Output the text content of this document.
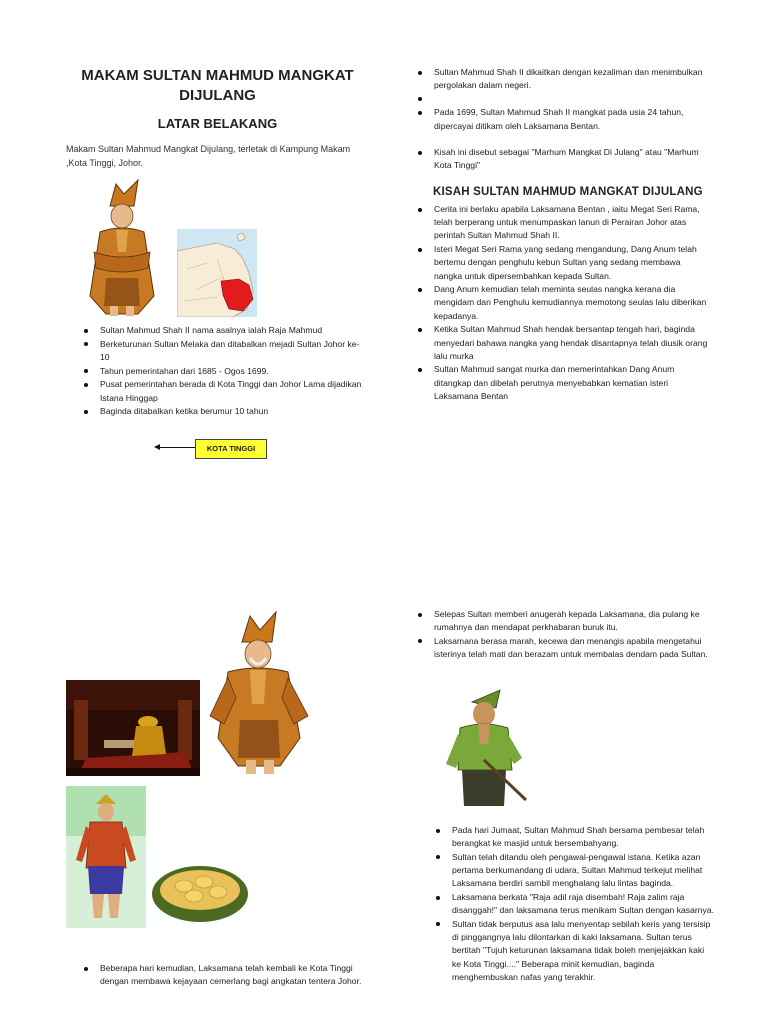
MAKAM SULTAN MAHMUD MANGKAT DIJULANG
LATAR BELAKANG
Makam Sultan Mahmud Mangkat Dijulang, terletak di Kampung Makam ,Kota Tinggi, Johor.
Sultan Mahmud Shah II nama asalnya ialah Raja Mahmud
Berketurunan Sultan Melaka dan ditabalkan mejadi Sultan Johor ke-10
Tahun pemerintahan dari 1685 - Ogos 1699.
Pusat pemerintahan berada di Kota Tinggi dan Johor Lama dijadikan Istana Hinggap
Baginda ditabalkan ketika berumur 10 tahun
KOTA TINGGI
Sultan Mahmud Shah II dikaitkan dengan kezaliman dan menimbulkan pergolakan dalam negeri.
Pada 1699, Sultan Mahmud Shah II mangkat pada usia 24 tahun, dipercayai ditikam oleh Laksamana Bentan.
Kisah ini disebut sebagai "Marhum Mangkat Di Julang" atau "Marhum Kota Tinggi"
KISAH SULTAN MAHMUD MANGKAT DIJULANG
Cerita ini berlaku apabila Laksamana Bentan , iaitu Megat Seri Rama, telah berperang untuk menumpaskan lanun di Perairan Johor atas perintah Sultan Mahmud Shah II.
Isteri Megat Seri Rama yang sedang mengandung, Dang Anum telah bertemu dengan penghulu kebun Sultan yang sedang membawa nangka untuk dipersembahkan kepada Sultan.
Dang Anum kemudian telah meminta seulas nangka kerana dia mengidam dan Penghulu kemudiannya memotong seulas lalu diberikan kepadanya.
Ketika Sultan Mahmud Shah hendak bersantap tengah hari, baginda menyedari bahawa nangka yang hendak disantapnya telah diusik orang lalu murka
Sultan Mahmud sangat murka dan memerintahkan Dang Anum ditangkap dan dibelah perutnya menyebabkan kematian isteri Laksamana Bentan
Beberapa hari kemudian, Laksamana telah kembali ke Kota Tinggi dengan membawa kejayaan cemerlang bagi angkatan tentera Johor.
Selepas Sultan memberi anugerah kepada Laksamana, dia pulang ke rumahnya dan mendapat perkhabaran buruk itu.
Laksamana berasa marah, kecewa dan menangis apabila mengetahui isterinya telah mati dan berazam untuk membalas dendam pada Sultan.
Pada hari Jumaat, Sultan Mahmud Shah bersama pembesar telah berangkat ke masjid untuk bersembahyang.
Sultan telah ditandu oleh pengawal-pengawal istana. Ketika azan pertama berkumandang di udara, Sultan Mahmud terkejut melihat Laksamana berdiri sambil menghalang lalu lintas baginda.
Laksamana berkata "Raja adil raja disembah! Raja zalim raja disanggah!" dan laksamana terus menikam Sultan dengan kasarnya.
Sultan tidak berputus asa lalu menyentap sebilah keris yang tersisip di pinggangnya lalu dilontarkan di kaki laksamana. Sultan terus bertitah "Tujuh keturunan laksamana tidak boleh menjejakkan kaki ke Kota Tinggi...." Beberapa minit kemudian, baginda menghembuskan nafas yang terakhir.
